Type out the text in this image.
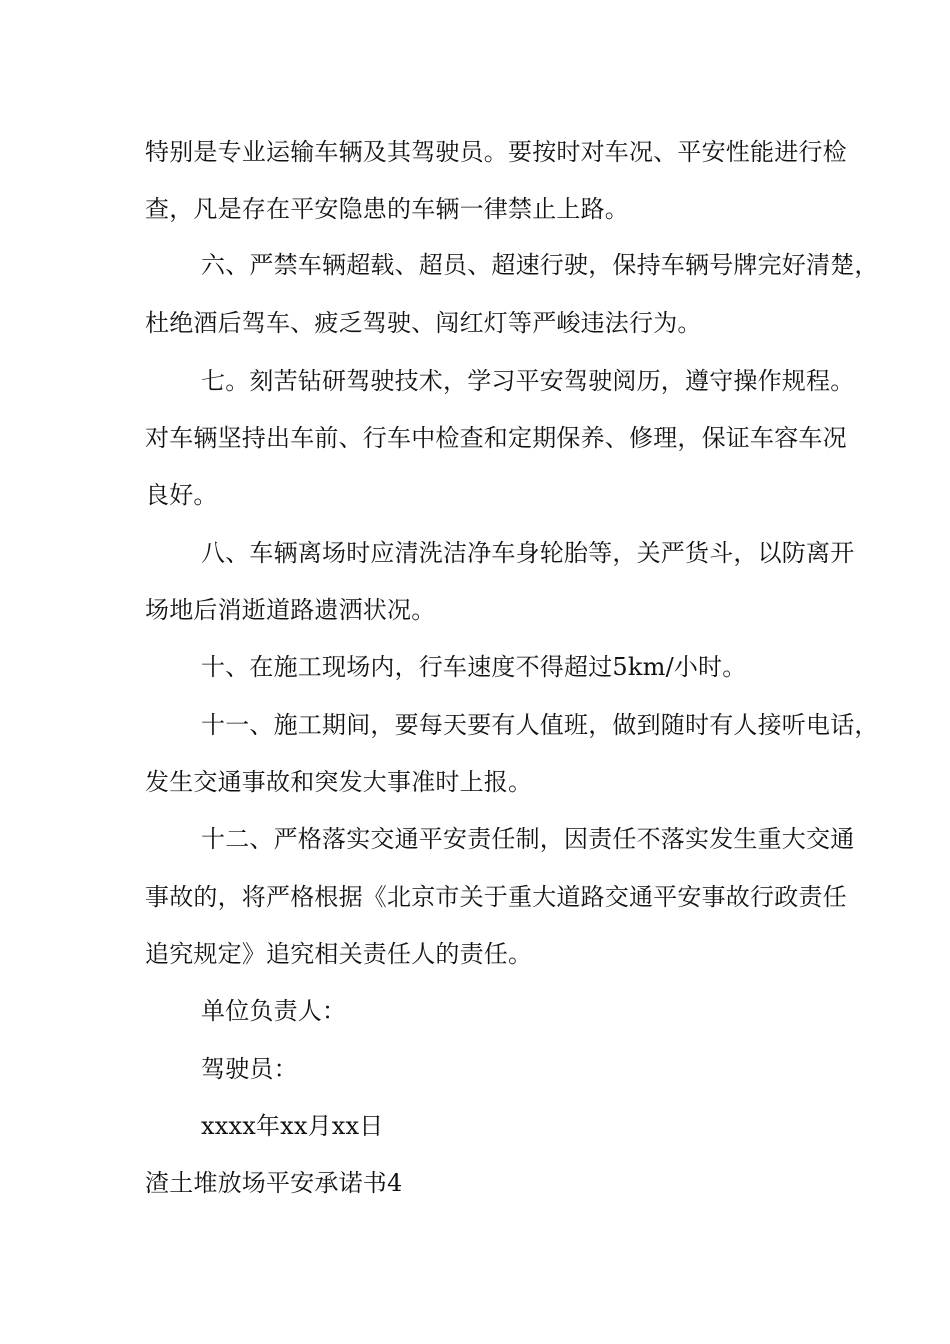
特别是专业运输车辆及其驾驶员。要按时对车况、平安性能进行检
查，凡是存在平安隐患的车辆一律禁止上路。
六、严禁车辆超载、超员、超速行驶，保持车辆号牌完好清楚，
杜绝酒后驾车、疲乏驾驶、闯红灯等严峻违法行为。
七。刻苦钻研驾驶技术，学习平安驾驶阅历，遵守操作规程。
对车辆坚持出车前、行车中检查和定期保养、修理，保证车容车况
良好。
八、车辆离场时应清洗洁净车身轮胎等，关严货斗，以防离开
场地后消逝道路遗洒状况。
十、在施工现场内，行车速度不得超过5km/小时。
十一、施工期间，要每天要有人值班，做到随时有人接听电话，
发生交通事故和突发大事准时上报。
十二、严格落实交通平安责任制，因责任不落实发生重大交通
事故的，将严格根据《北京市关于重大道路交通平安事故行政责任
追究规定》追究相关责任人的责任。
单位负责人：
驾驶员：
xxxx年xx月xx日
渣土堆放场平安承诺书4
